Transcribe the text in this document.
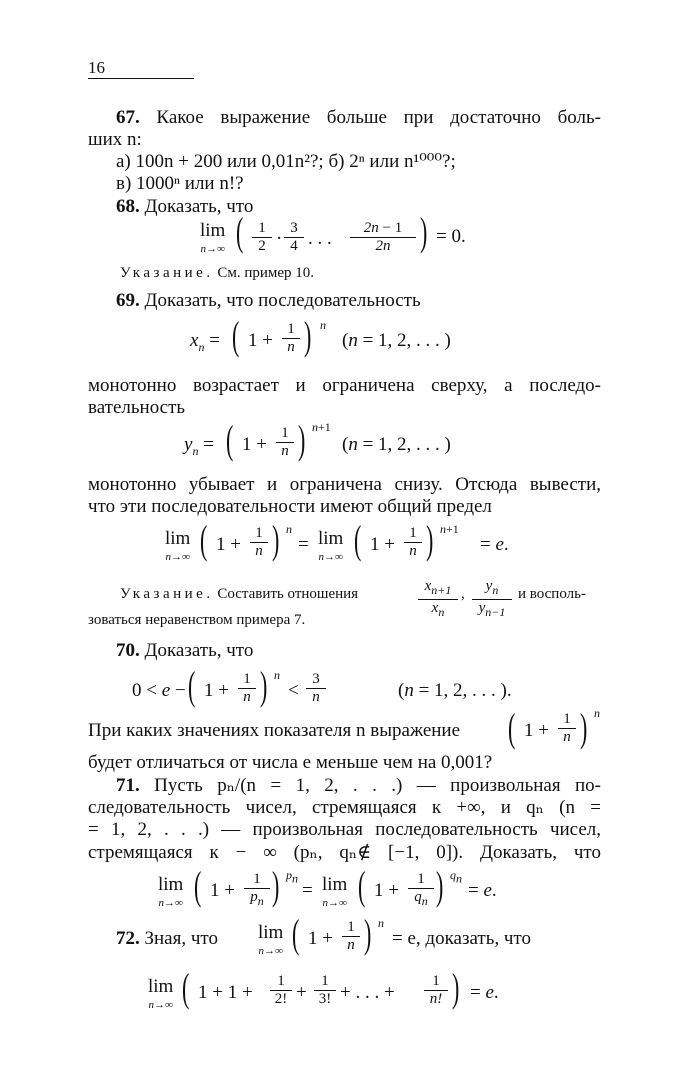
16
67. Какое выражение больше при достаточно боль-
ших n:
а) 100n + 200 или 0,01n²?; б) 2ⁿ или n¹⁰⁰⁰?;
в) 1000ⁿ или n!?
68. Доказать, что
lim
n→∞ ( $\frac{1}{2} \cdot \frac{3}{4}$ . . . $\frac{2n - 1}{2n}$ ) = 0.
Указание. См. пример 10.
69. Доказать, что последовательность
$x_n$ = ( $1 + \frac{1}{n}$ ) n
(n = 1, 2, . . . )
монотонно возрастает и ограничена сверху, а последо-
вательность
$y_n$ = ( $1 + \frac{1}{n}$ ) n+1
(n = 1, 2, . . . )
монотонно убывает и ограничена снизу. Отсюда вывести,
что эти последовательности имеют общий предел
lim
n→∞ ( $1 + \frac{1}{n}$ ) n
= lim
n→∞ ( $1 + \frac{1}{n}$ ) n+1
= e.
Указание. Составить отношения	$\frac{x_{n+1}}{x_n}$ , $\frac{y_n}{y_{n-1}}$ и восполь-
зоваться неравенством примера 7.
70. Доказать, что
0 < e − ( $1 + \frac{1}{n}$ ) n
< $\frac{3}{n}$	(n = 1, 2, . . . ).
При каких значениях показателя n выражение	( $1 + \frac{1}{n}$ ) n
будет отличаться от числа e меньше чем на 0,001?
71. Пусть pₙ/(n = 1, 2, . . .) — произвольная по-
следовательность чисел, стремящаяся к +∞, и qₙ (n =
= 1, 2, . . .) — произвольная последовательность чисел,
стремящаяся к − ∞ (pₙ, qₙ∉ [−1, 0]). Доказать, что
lim
n→∞ ( $1 + \frac{1}{p_n}$ ) $p_n$
= lim
n→∞ ( $1 + \frac{1}{q_n}$ ) $q_n$
= e.
72. Зная, что	lim
n→∞ ( $1 + \frac{1}{n}$ ) n
= e, доказать, что
lim
n→∞ ( $1 + 1 + \frac{1}{2!} + \frac{1}{3!}$ + . . . + $\frac{1}{n!}$ ) = e.
